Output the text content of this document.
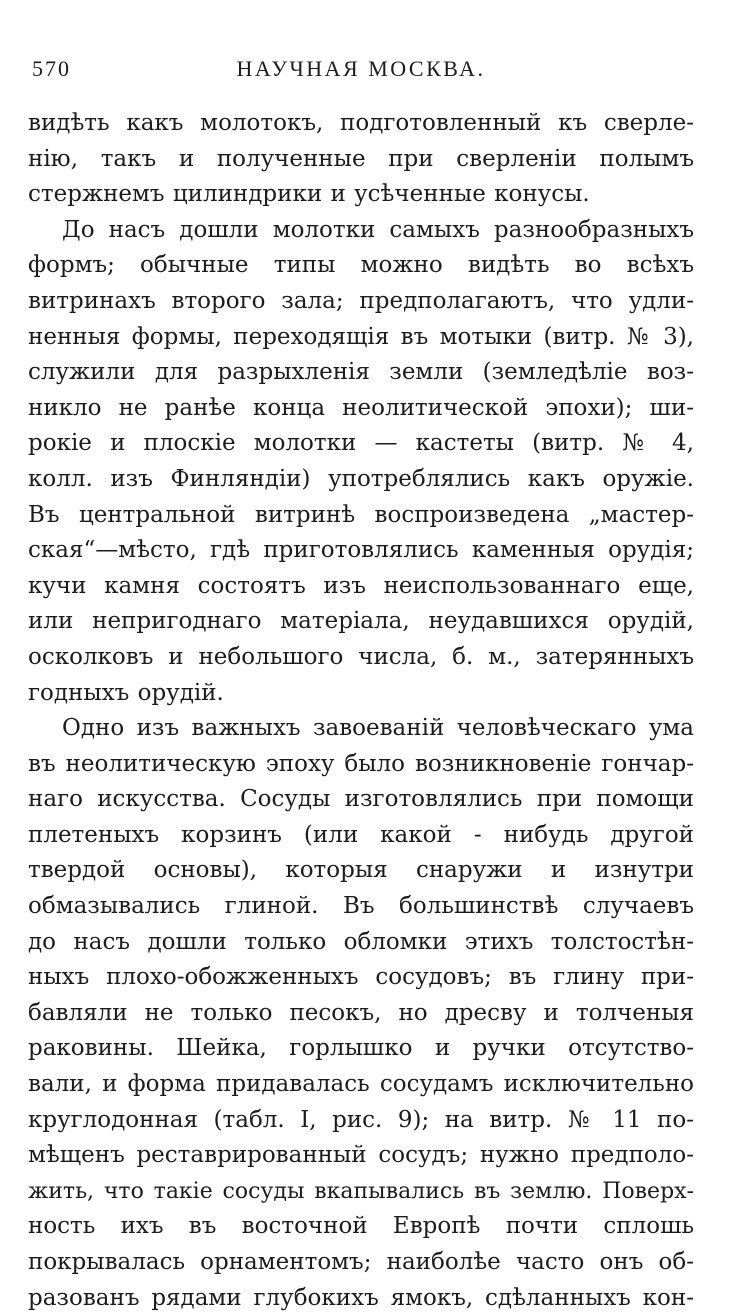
570	НАУЧНАЯ МОСКВА.
видѣть какъ молотокъ, подготовленный къ сверле-
нію, такъ и полученные при сверленіи полымъ
стержнемъ цилиндрики и усѣченные конусы.
До насъ дошли молотки самыхъ разнообразныхъ
формъ; обычные типы можно видѣть во всѣхъ
витринахъ второго зала; предполагаютъ, что удли-
ненныя формы, переходящія въ мотыки (витр. № 3),
служили для разрыхленія земли (земледѣліе воз-
никло не ранѣе конца неолитической эпохи); ши-
рокіе и плоскіе молотки — кастеты (витр. № 4,
колл. изъ Финляндіи) употреблялись какъ оружіе.
Въ центральной витринѣ воспроизведена „мастер-
ская“—мѣсто, гдѣ приготовлялись каменныя орудія;
кучи камня состоятъ изъ неиспользованнаго еще,
или непригоднаго матеріала, неудавшихся орудій,
осколковъ и небольшого числа, б. м., затерянныхъ
годныхъ орудій.
Одно изъ важныхъ завоеваній человѣческаго ума
въ неолитическую эпоху было возникновеніе гончар-
наго искусства. Сосуды изготовлялись при помощи
плетеныхъ корзинъ (или какой - нибудь другой
твердой основы), которыя снаружи и изнутри
обмазывались глиной. Въ большинствѣ случаевъ
до насъ дошли только обломки этихъ толстостѣн-
ныхъ плохо-обожженныхъ сосудовъ; въ глину при-
бавляли не только песокъ, но дресву и толченыя
раковины. Шейка, горлышко и ручки отсутство-
вали, и форма придавалась сосудамъ исключительно
круглодонная (табл. I, рис. 9); на витр. № 11 по-
мѣщенъ реставрированный сосудъ; нужно предполо-
жить, что такіе сосуды вкапывались въ землю. Поверх-
ность ихъ въ восточной Европѣ почти сплошь
покрывалась орнаментомъ; наиболѣе часто онъ об-
разованъ рядами глубокихъ ямокъ, сдѣланныхъ кон-
